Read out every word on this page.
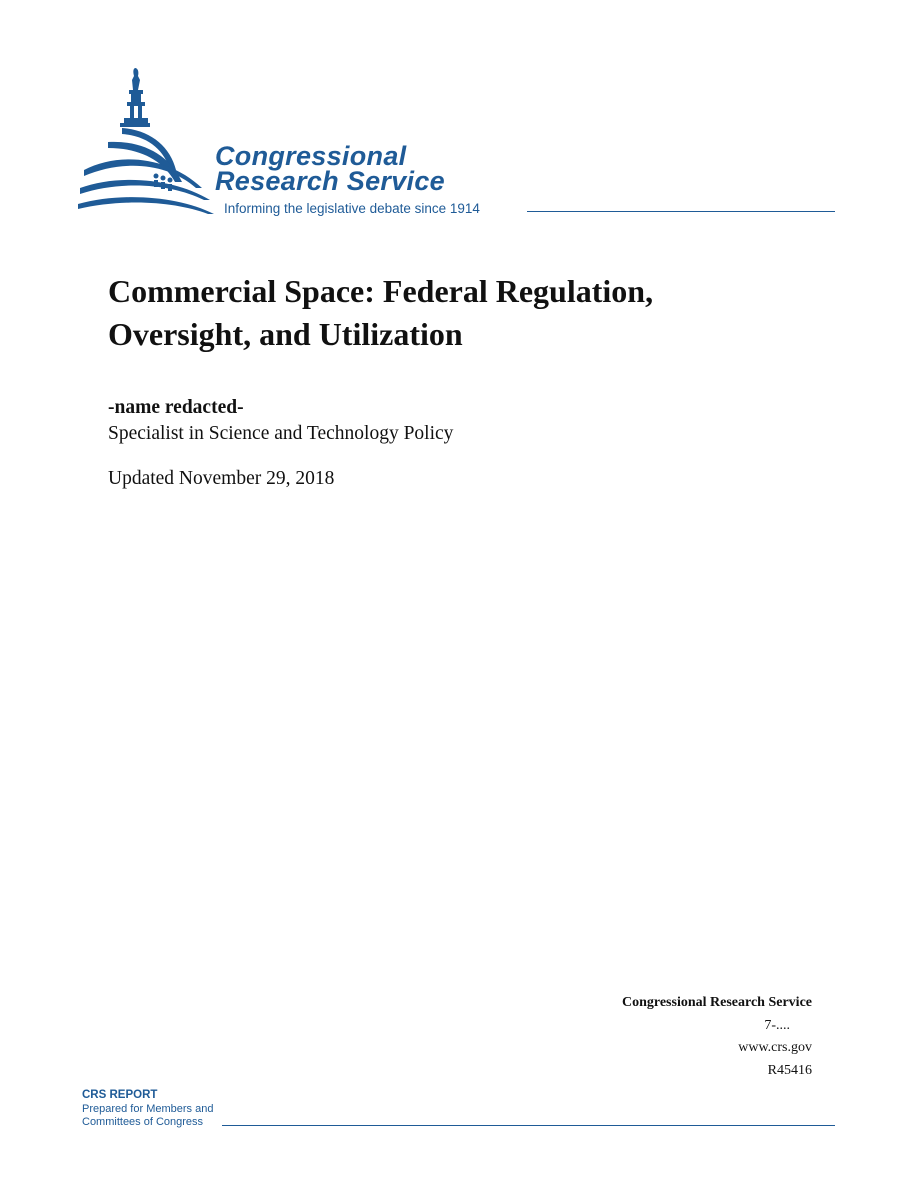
Congressional
Research Service
Informing the legislative debate since 1914
Commercial Space: Federal Regulation,
Oversight, and Utilization
-name redacted-
Specialist in Science and Technology Policy
Updated November 29, 2018
Congressional Research Service
7-....
www.crs.gov
R45416
CRS REPORT
Prepared for Members and
Committees of Congress
